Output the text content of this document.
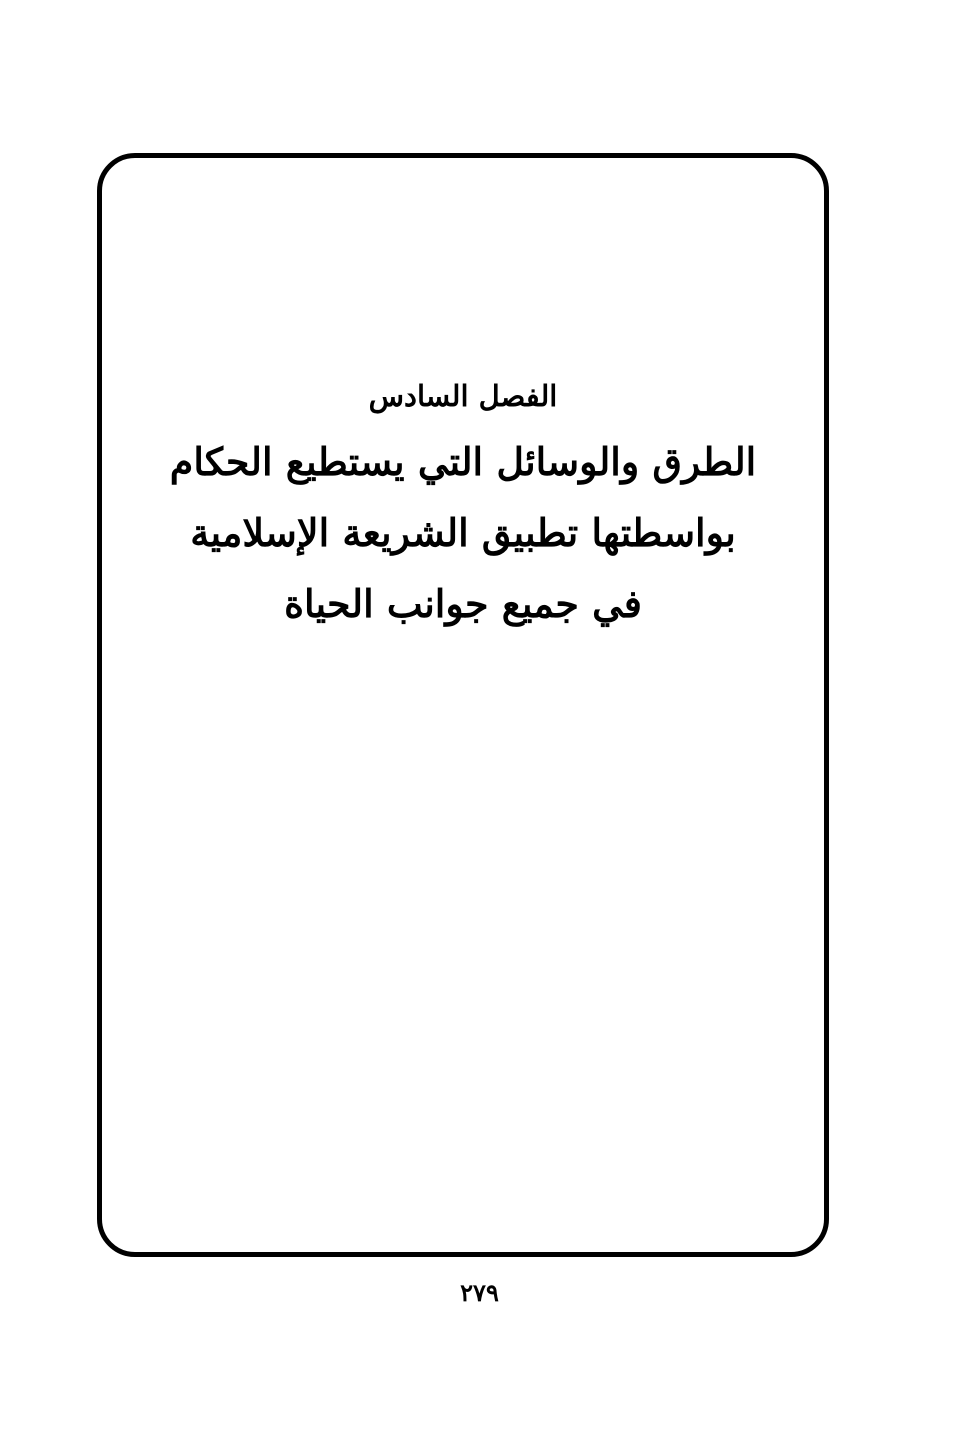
الفصل السادس

الطرق والوسائل التي يستطيع الحكام
بواسطتها تطبيق الشريعة الإسلامية
في جميع جوانب الحياة
٢٧٩
